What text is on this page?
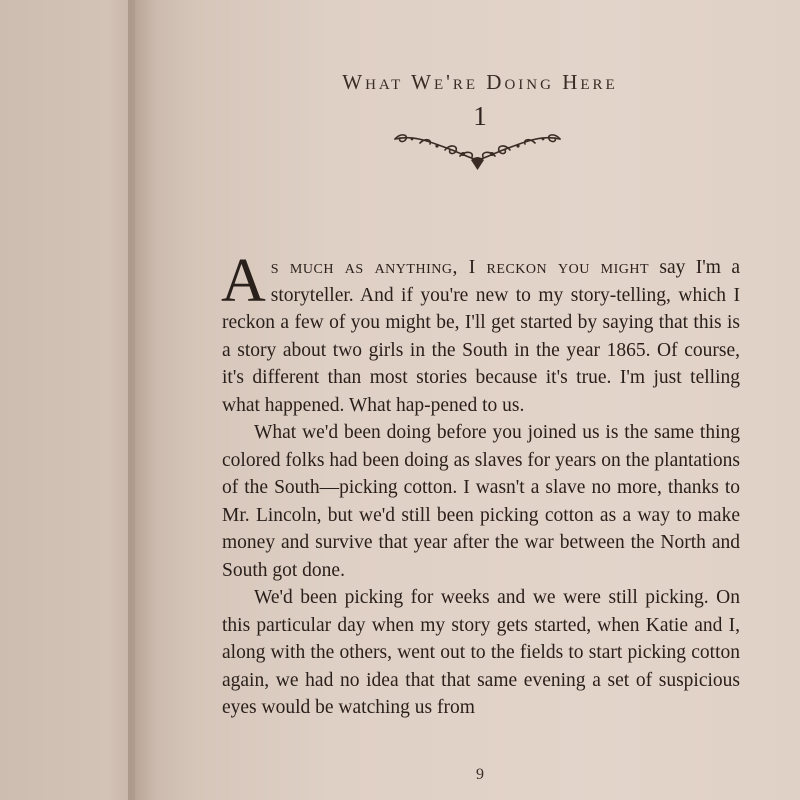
What We're Doing Here
1

As much as anything, I reckon you might say I'm a storyteller. And if you're new to my story-telling, which I reckon a few of you might be, I'll get started by saying that this is a story about two girls in the South in the year 1865. Of course, it's different than most stories because it's true. I'm just telling what happened. What hap-pened to us.

What we'd been doing before you joined us is the same thing colored folks had been doing as slaves for years on the plantations of the South—picking cotton. I wasn't a slave no more, thanks to Mr. Lincoln, but we'd still been picking cotton as a way to make money and survive that year after the war between the North and South got done.

We'd been picking for weeks and we were still picking. On this particular day when my story gets started, when Katie and I, along with the others, went out to the fields to start picking cotton again, we had no idea that that same evening a set of suspicious eyes would be watching us from

9
